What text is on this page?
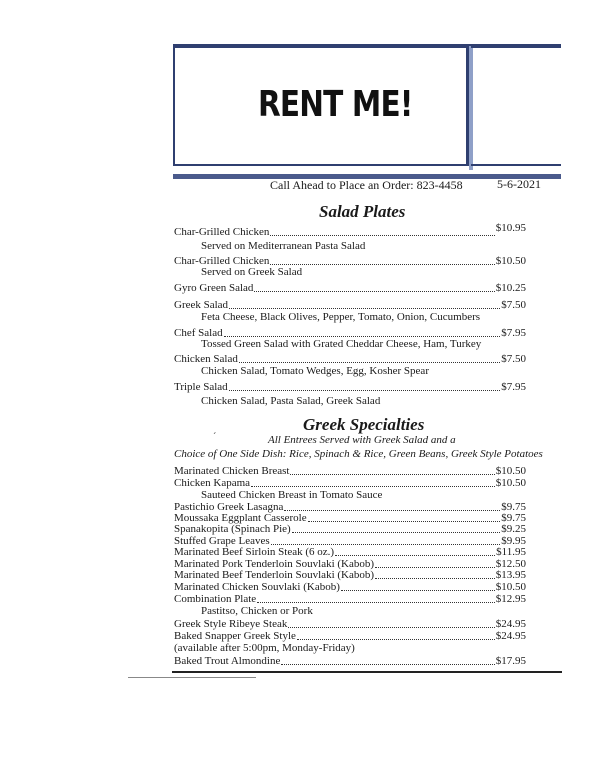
RENT ME!
Call Ahead to Place an Order: 823-4458	5-6-2021
Salad Plates
Char-Grilled Chicken	$10.95
Served on Mediterranean Pasta Salad
Char-Grilled Chicken	$10.50
Served on Greek Salad
Gyro Green Salad	$10.25
Greek Salad	$7.50
Feta Cheese, Black Olives, Pepper, Tomato, Onion, Cucumbers
Chef Salad	$7.95
Tossed Green Salad with Grated Cheddar Cheese, Ham, Turkey
Chicken Salad	$7.50
Chicken Salad, Tomato Wedges, Egg, Kosher Spear
Triple Salad	$7.95
Chicken Salad, Pasta Salad, Greek Salad
Greek Specialties
ˊ	All Entrees Served with Greek Salad and a
Choice of One Side Dish: Rice, Spinach & Rice, Green Beans, Greek Style Potatoes
Marinated Chicken Breast	$10.50
Chicken Kapama	$10.50
Sauteed Chicken Breast in Tomato Sauce
Pastichio Greek Lasagna	$9.75
Moussaka Eggplant Casserole	$9.75
Spanakopita (Spinach Pie)	$9.25
Stuffed Grape Leaves	$9.95
Marinated Beef Sirloin Steak (6 oz.)	$11.95
Marinated Pork Tenderloin Souvlaki (Kabob)	$12.50
Marinated Beef Tenderloin Souvlaki (Kabob)	$13.95
Marinated Chicken Souvlaki (Kabob)	$10.50
Combination Plate	$12.95
Pastitso, Chicken or Pork
Greek Style Ribeye Steak	$24.95
Baked Snapper Greek Style	$24.95
(available after 5:00pm, Monday-Friday)
Baked Trout Almondine	$17.95
